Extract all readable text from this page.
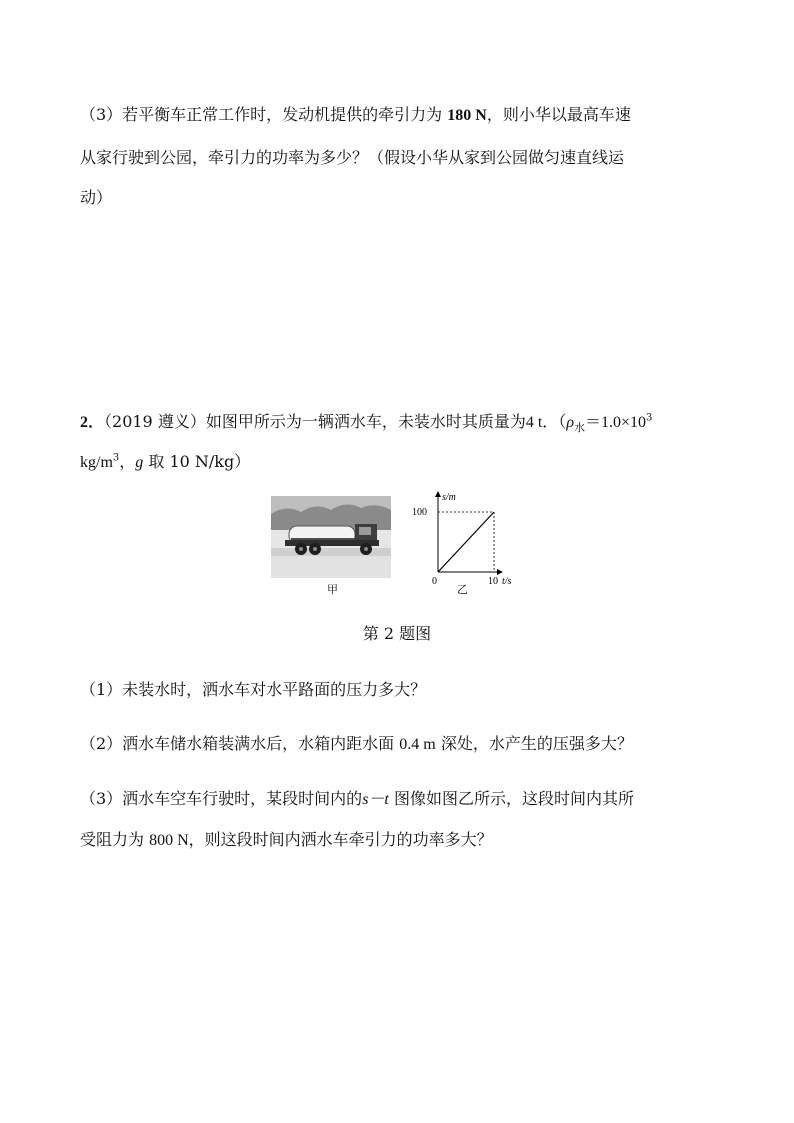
（3）若平衡车正常工作时，发动机提供的牵引力为 180 N，则小华以最高车速
从家行驶到公园，牵引力的功率为多少？（假设小华从家到公园做匀速直线运
动）
2．（2019 遵义）如图甲所示为一辆洒水车，未装水时其质量为4 t．（$\rho_水=1.0\times 10^3$
$kg/m^3$，g 取 10 N/kg）
甲
s/m
100
0	10 t/s
乙
第 2 题图
（1）未装水时，洒水车对水平路面的压力多大？
（2）洒水车储水箱装满水后，水箱内距水面 0.4 m 深处，水产生的压强多大？
（3）洒水车空车行驶时，某段时间内的s－t 图像如图乙所示，这段时间内其所
受阻力为 800 N，则这段时间内洒水车牵引力的功率多大？
